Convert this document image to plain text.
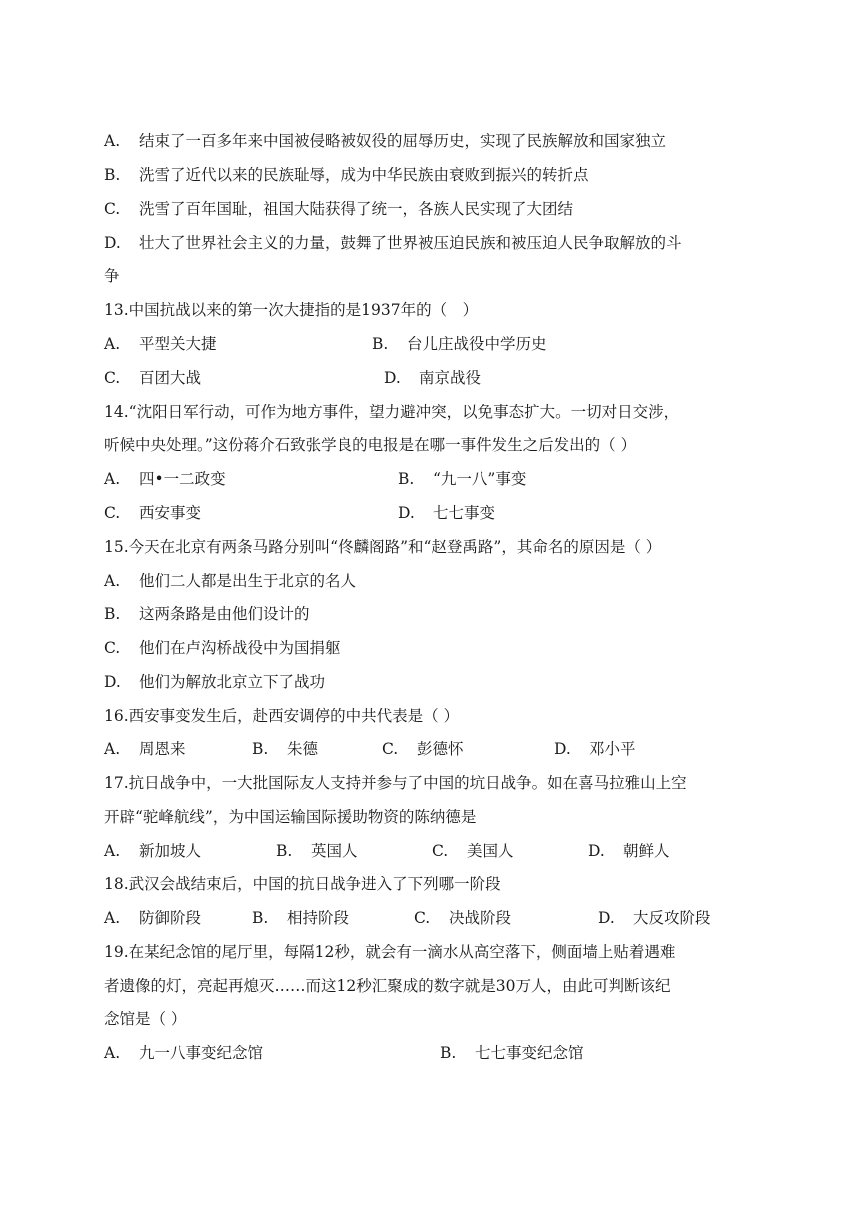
A. 结束了一百多年来中国被侵略被奴役的屈辱历史，实现了民族解放和国家独立
B. 洗雪了近代以来的民族耻辱，成为中华民族由衰败到振兴的转折点
C. 洗雪了百年国耻，祖国大陆获得了统一，各族人民实现了大团结
D. 壮大了世界社会主义的力量，鼓舞了世界被压迫民族和被压迫人民争取解放的斗
争
13.中国抗战以来的第一次大捷指的是1937年的（　）
A. 平型关大捷	B. 台儿庄战役中学历史
C. 百团大战	D. 南京战役
14.“沈阳日军行动，可作为地方事件，望力避冲突，以免事态扩大。一切对日交涉，
听候中央处理。”这份蒋介石致张学良的电报是在哪一事件发生之后发出的（ ）
A. 四•一二政变	B. “九一八”事变
C. 西安事变	D. 七七事变
15.今天在北京有两条马路分别叫“佟麟阁路”和“赵登禹路”，其命名的原因是（ ）
A. 他们二人都是出生于北京的名人
B. 这两条路是由他们设计的
C. 他们在卢沟桥战役中为国捐躯
D. 他们为解放北京立下了战功
16.西安事变发生后，赴西安调停的中共代表是（ ）
A. 周恩来	B. 朱德	C. 彭德怀	D. 邓小平
17.抗日战争中，一大批国际友人支持并参与了中国的坑日战争。如在喜马拉雅山上空
开辟“驼峰航线”，为中国运输国际援助物资的陈纳德是
A. 新加坡人	B. 英国人	C. 美国人	D. 朝鲜人
18.武汉会战结束后，中国的抗日战争进入了下列哪一阶段
A. 防御阶段	B. 相持阶段	C. 决战阶段	D. 大反攻阶段
19.在某纪念馆的尾厅里，每隔12秒，就会有一滴水从高空落下，侧面墙上贴着遇难
者遗像的灯，亮起再熄灭……而这12秒汇聚成的数字就是30万人，由此可判断该纪
念馆是（ ）
A. 九一八事变纪念馆	B. 七七事变纪念馆
